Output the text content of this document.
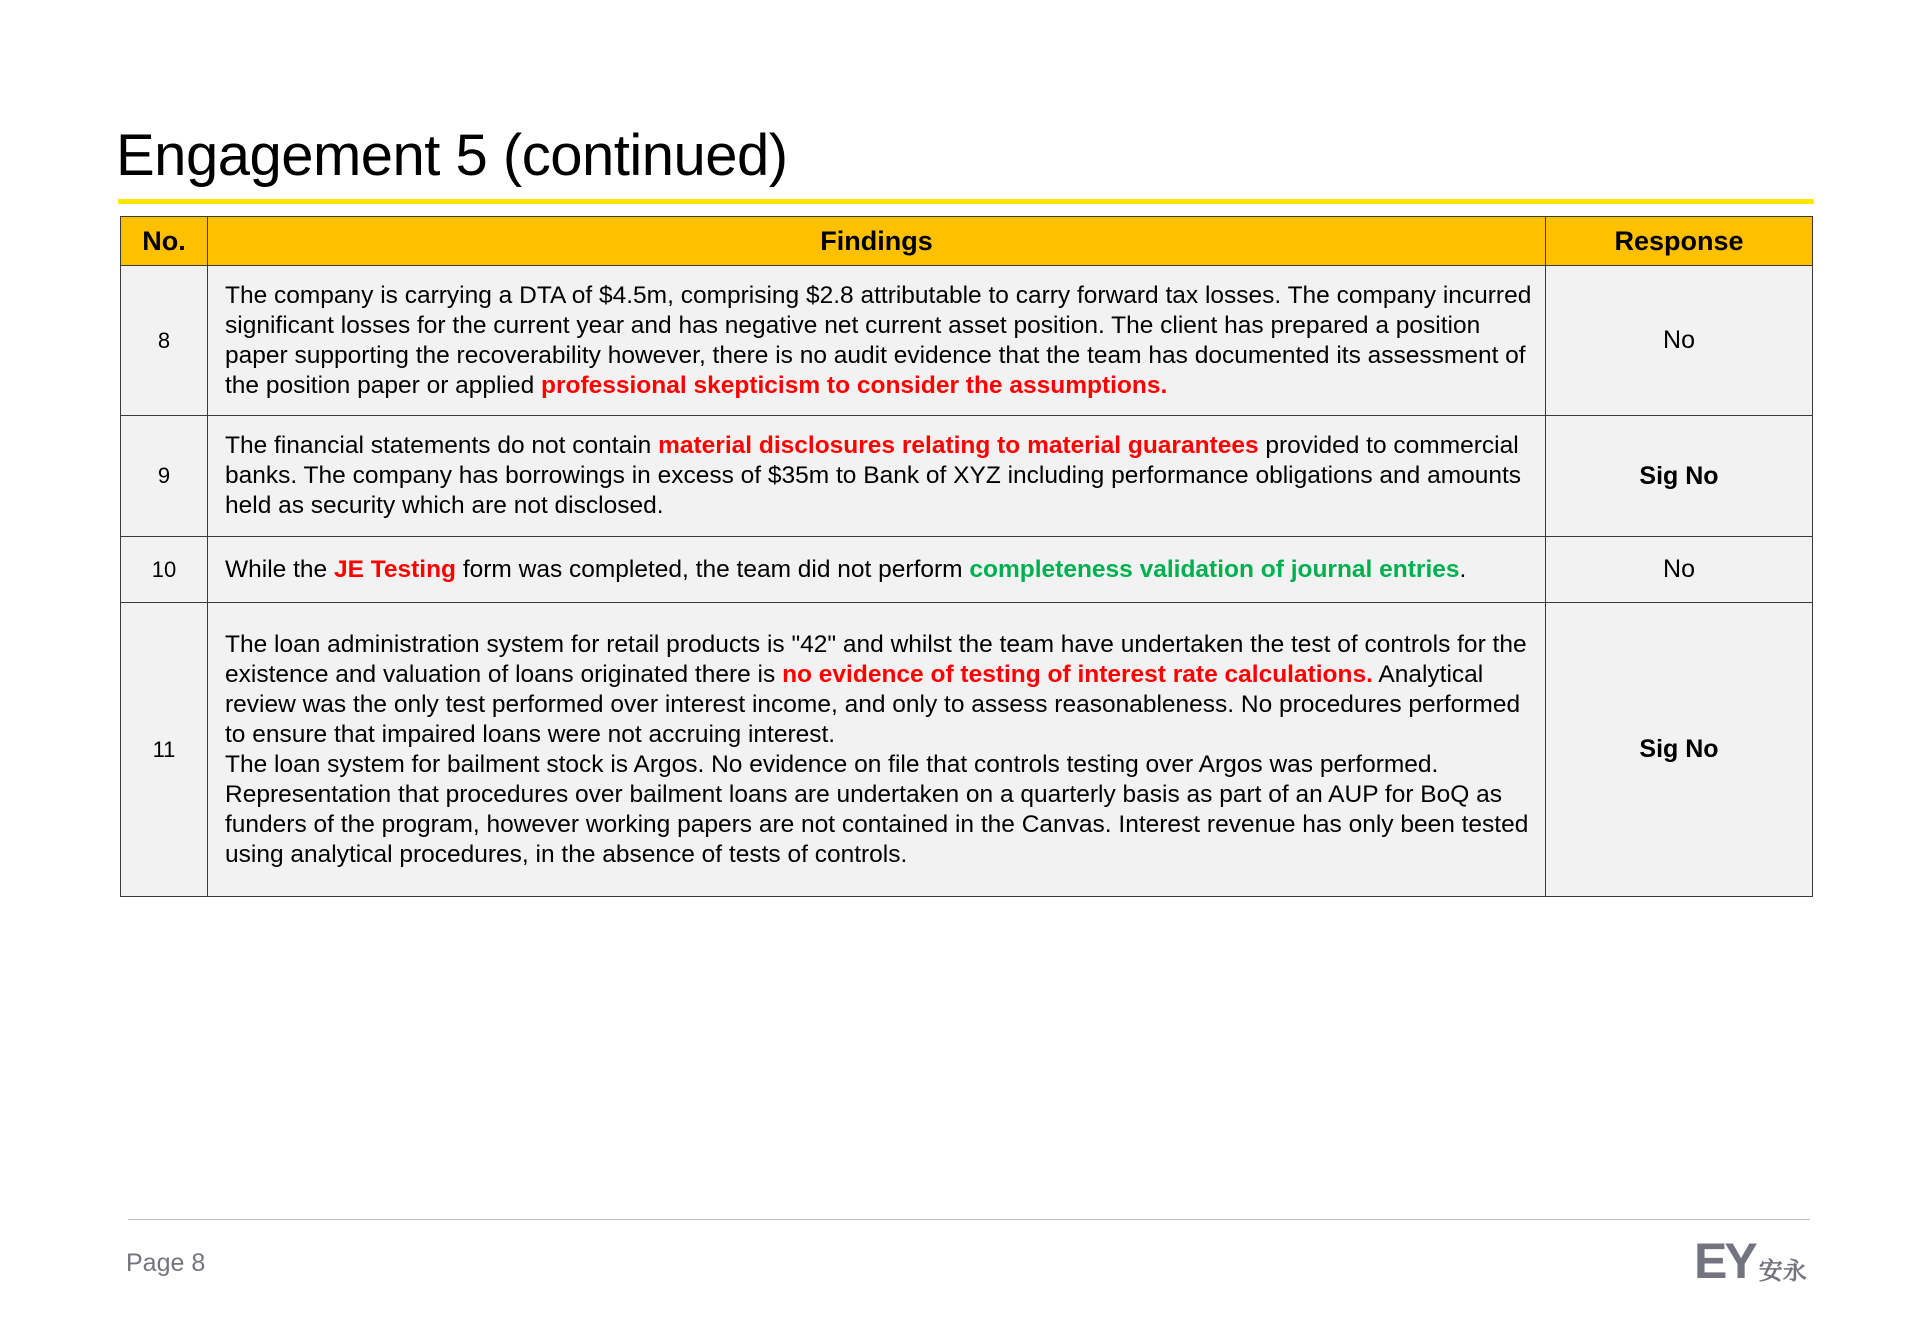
Engagement 5 (continued)
No.	Findings	Response
8	The company is carrying a DTA of $4.5m, comprising $2.8 attributable to carry forward tax losses. The company incurred significant losses for the current year and has negative net current asset position. The client has prepared a position paper supporting the recoverability however, there is no audit evidence that the team has documented its assessment of the position paper or applied professional skepticism to consider the assumptions.	No
9	The financial statements do not contain material disclosures relating to material guarantees provided to commercial banks. The company has borrowings in excess of $35m to Bank of XYZ including performance obligations and amounts held as security which are not disclosed.	Sig No
10	While the JE Testing form was completed, the team did not perform completeness validation of journal entries.	No
11	The loan administration system for retail products is "42" and whilst the team have undertaken the test of controls for the existence and valuation of loans originated there is no evidence of testing of interest rate calculations. Analytical review was the only test performed over interest income, and only to assess reasonableness. No procedures performed to ensure that impaired loans were not accruing interest.
The loan system for bailment stock is Argos. No evidence on file that controls testing over Argos was performed. Representation that procedures over bailment loans are undertaken on a quarterly basis as part of an AUP for BoQ as funders of the program, however working papers are not contained in the Canvas. Interest revenue has only been tested using analytical procedures, in the absence of tests of controls.	Sig No
Page 8	EY 安永
